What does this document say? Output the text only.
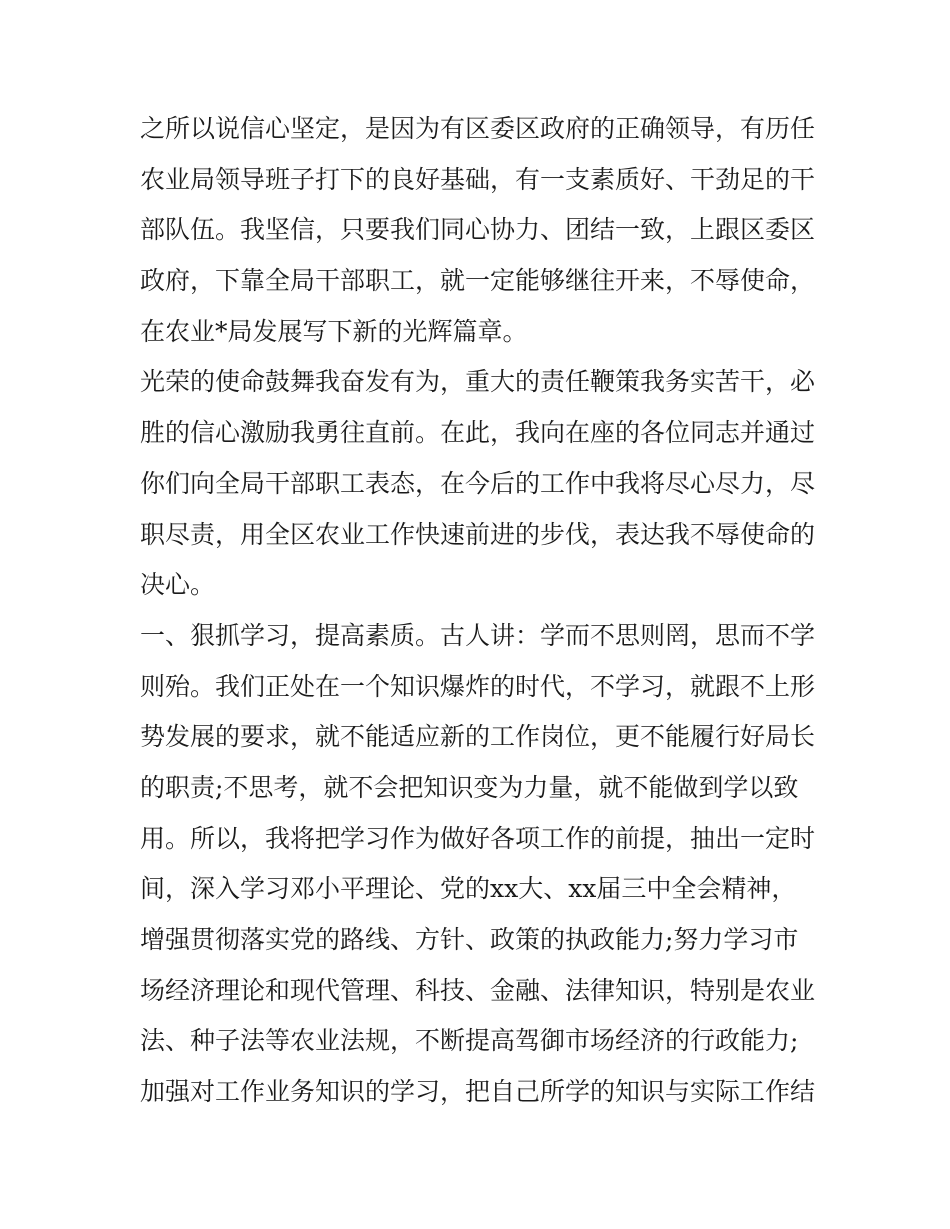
之所以说信心坚定，是因为有区委区政府的正确领导，有历任
农业局领导班子打下的良好基础，有一支素质好、干劲足的干
部队伍。我坚信，只要我们同心协力、团结一致，上跟区委区
政府，下靠全局干部职工，就一定能够继往开来，不辱使命，
在农业*局发展写下新的光辉篇章。
光荣的使命鼓舞我奋发有为，重大的责任鞭策我务实苦干，必
胜的信心激励我勇往直前。在此，我向在座的各位同志并通过
你们向全局干部职工表态，在今后的工作中我将尽心尽力，尽
职尽责，用全区农业工作快速前进的步伐，表达我不辱使命的
决心。
一、狠抓学习，提高素质。古人讲：学而不思则罔，思而不学
则殆。我们正处在一个知识爆炸的时代，不学习，就跟不上形
势发展的要求，就不能适应新的工作岗位，更不能履行好局长
的职责;不思考，就不会把知识变为力量，就不能做到学以致
用。所以，我将把学习作为做好各项工作的前提，抽出一定时
间，深入学习邓小平理论、党的xx大、xx届三中全会精神，
增强贯彻落实党的路线、方针、政策的执政能力;努力学习市
场经济理论和现代管理、科技、金融、法律知识，特别是农业
法、种子法等农业法规，不断提高驾御市场经济的行政能力;
加强对工作业务知识的学习，把自己所学的知识与实际工作结
